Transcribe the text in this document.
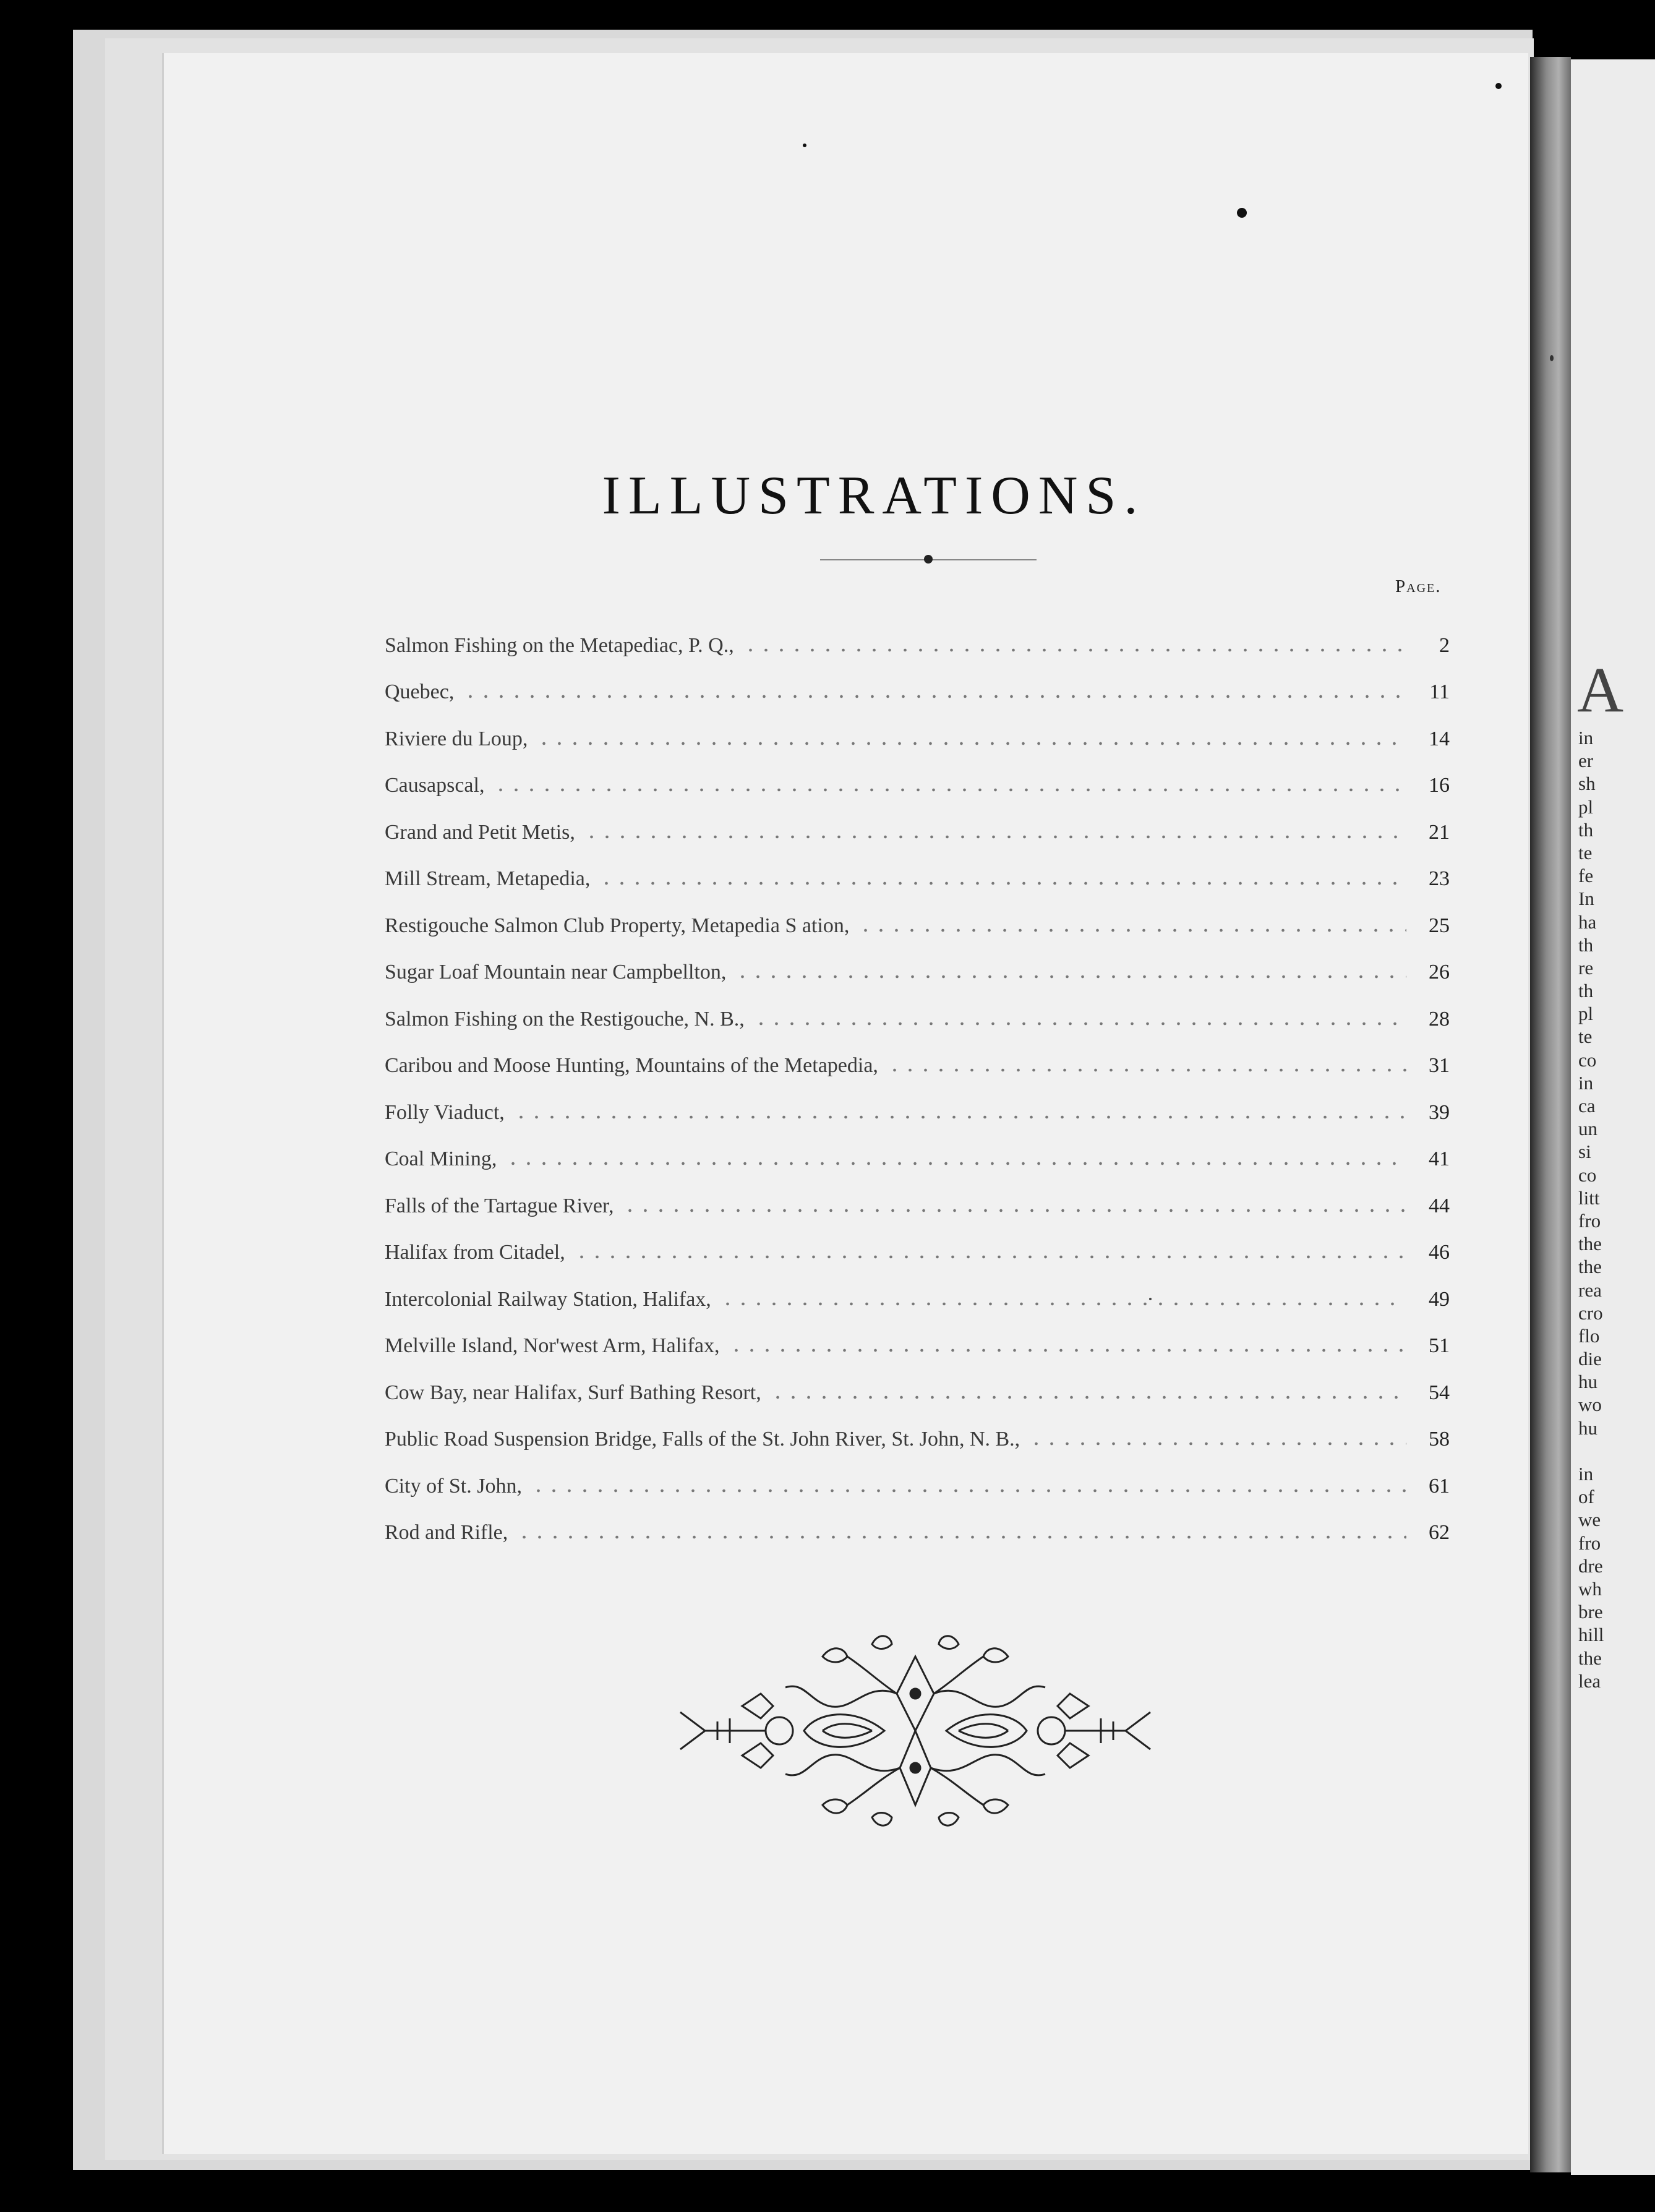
A
in
er
sh
pl
th
te
fe
In
ha
th
re
th
pl
te
co
in
ca
un
si
co
litt
fro
the
the
rea
cro
flo
die
hu
wo
hu
in
of
we
fro
dre
wh
bre
hill
the
lea
ILLUSTRATIONS.
Page.
Salmon Fishing on the Metapediac, P. Q.,	2
Quebec,	11
Riviere du Loup,	14
Causapscal,	16
Grand and Petit Metis,	21
Mill Stream, Metapedia,	23
Restigouche Salmon Club Property, Metapedia S ation,	25
Sugar Loaf Mountain near Campbellton,	26
Salmon Fishing on the Restigouche, N. B.,	28
Caribou and Moose Hunting, Mountains of the Metapedia,	31
Folly Viaduct,	39
Coal Mining,	41
Falls of the Tartague River,	44
Halifax from Citadel,	46
Intercolonial Railway Station, Halifax,	49
Melville Island, Nor'west Arm, Halifax,	51
Cow Bay, near Halifax, Surf Bathing Resort,	54
Public Road Suspension Bridge, Falls of the St. John River, St. John, N. B.,	58
City of St. John,	61
Rod and Rifle,	62
